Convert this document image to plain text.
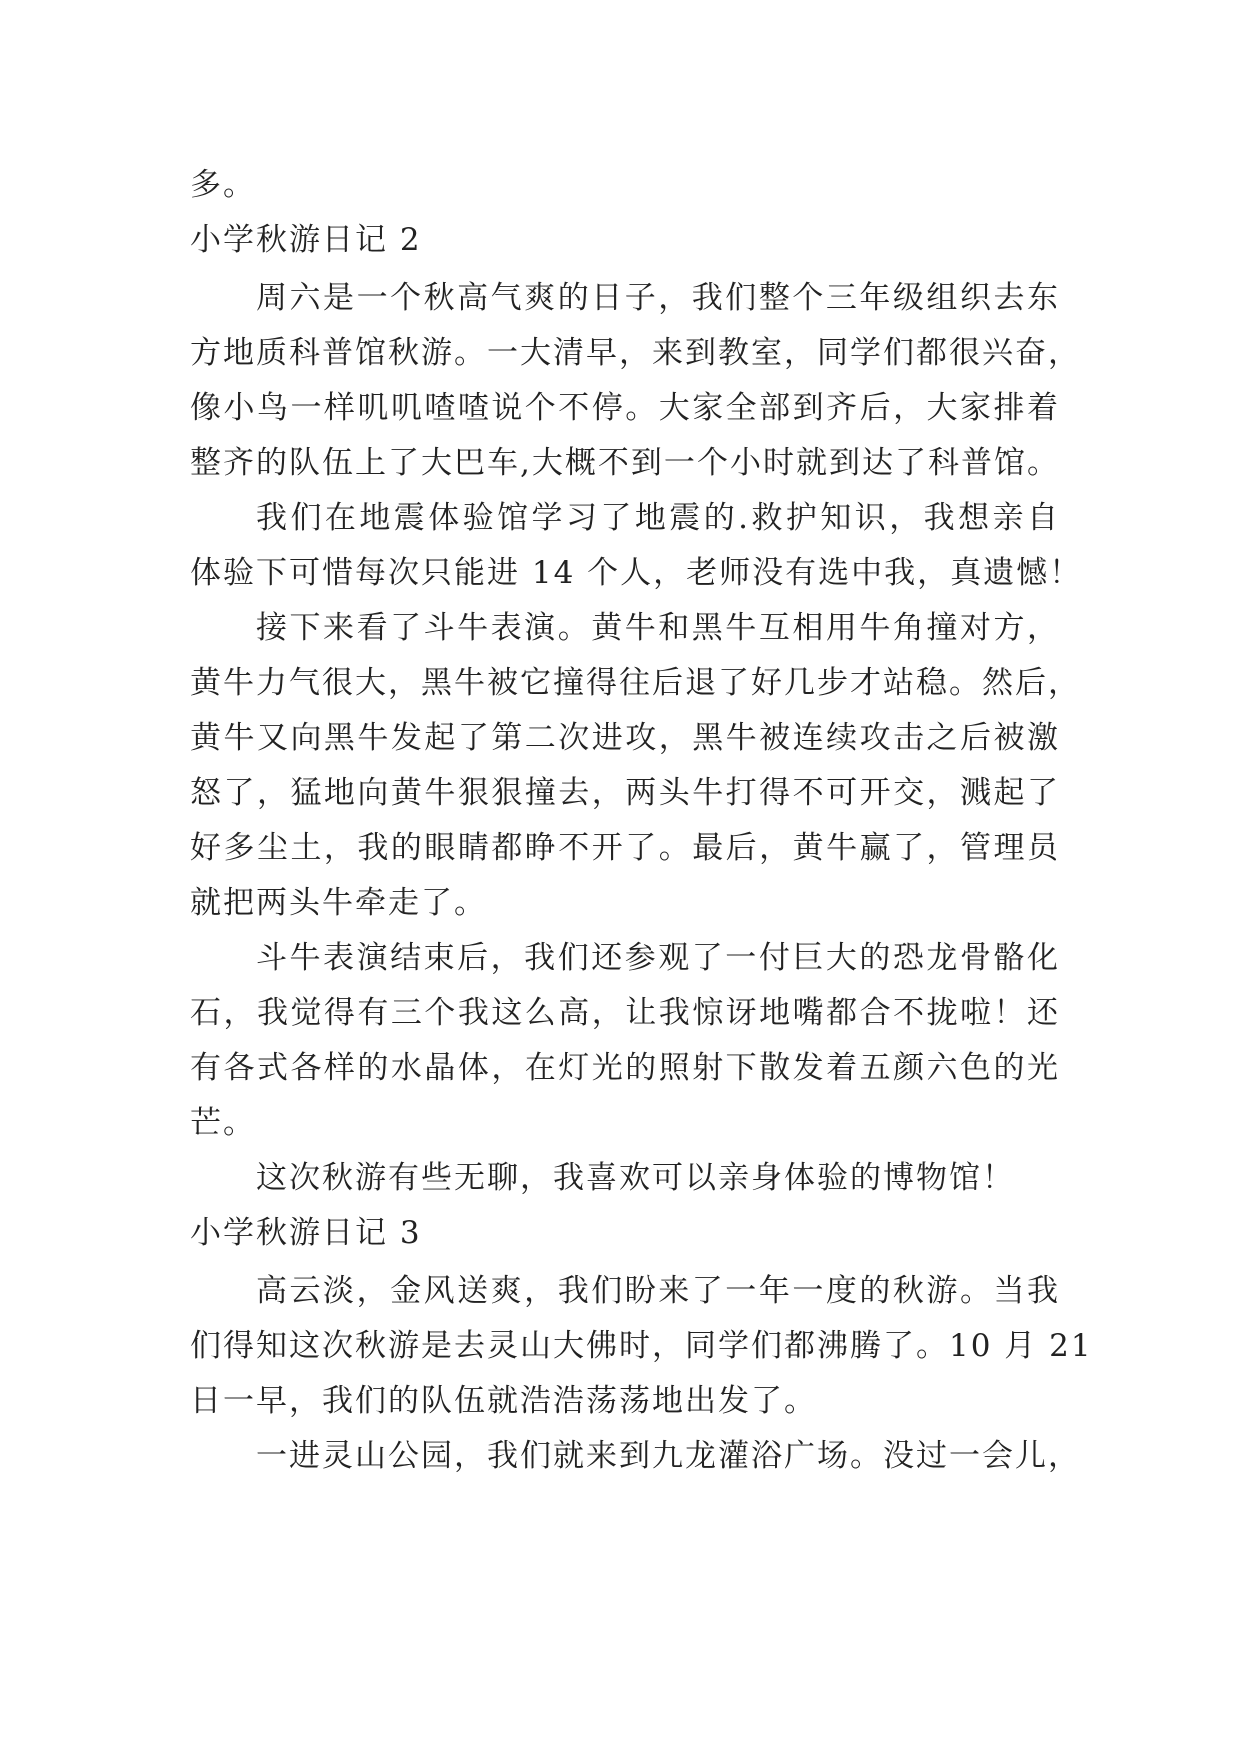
多。
小学秋游日记 2
周六是一个秋高气爽的日子，我们整个三年级组织去东
方地质科普馆秋游。一大清早，来到教室，同学们都很兴奋，
像小鸟一样叽叽喳喳说个不停。大家全部到齐后，大家排着
整齐的队伍上了大巴车,大概不到一个小时就到达了科普馆。
我们在地震体验馆学习了地震的.救护知识，我想亲自
体验下可惜每次只能进 14 个人，老师没有选中我，真遗憾！
接下来看了斗牛表演。黄牛和黑牛互相用牛角撞对方，
黄牛力气很大，黑牛被它撞得往后退了好几步才站稳。然后，
黄牛又向黑牛发起了第二次进攻，黑牛被连续攻击之后被激
怒了，猛地向黄牛狠狠撞去，两头牛打得不可开交，溅起了
好多尘土，我的眼睛都睁不开了。最后，黄牛赢了，管理员
就把两头牛牵走了。
斗牛表演结束后，我们还参观了一付巨大的恐龙骨骼化
石，我觉得有三个我这么高，让我惊讶地嘴都合不拢啦！还
有各式各样的水晶体，在灯光的照射下散发着五颜六色的光
芒。
这次秋游有些无聊，我喜欢可以亲身体验的博物馆！
小学秋游日记 3
高云淡，金风送爽，我们盼来了一年一度的秋游。当我
们得知这次秋游是去灵山大佛时，同学们都沸腾了。10 月 21
日一早，我们的队伍就浩浩荡荡地出发了。
一进灵山公园，我们就来到九龙灌浴广场。没过一会儿，
